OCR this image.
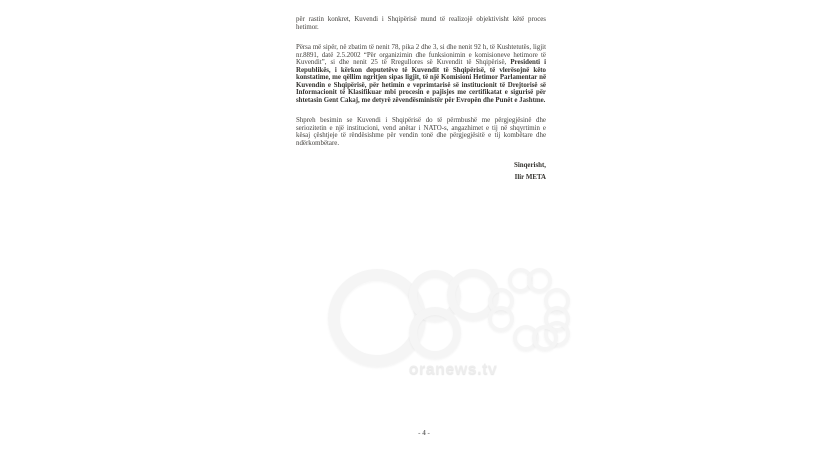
oranews.tv

për rastin konkret, Kuvendi i Shqipërisë mund të realizojë objektivisht këtë proces hetimor.

Përsa më sipër, në zbatim të nenit 78, pika 2 dhe 3, si dhe nenit 92 h, të Kushtetutës, ligjit nr.8891, datë 2.5.2002 “Për organizimin dhe funksionimin e komisioneve hetimore të Kuvendit”, si dhe nenit 25 të Rregullores së Kuvendit të Shqipërisë, Presidenti i Republikës, i kërkon deputetëve të Kuvendit të Shqipërisë, të vlerësojnë këto konstatime, me qëllim ngritjen sipas ligjit, të një Komisioni Hetimor Parlamentar në Kuvendin e Shqipërisë, për hetimin e veprimtarisë së institucionit të Drejtorisë së Informacionit të Klasifikuar mbi procesin e pajisjes me certifikatat e sigurisë për shtetasin Gent Cakaj, me detyrë zëvendësministër për Evropën dhe Punët e Jashtme.

Shpreh besimin se Kuvendi i Shqipërisë do të përmbushë me përgjegjësinë dhe seriozitetin e një institucioni, vend anëtar i NATO-s, angazhimet e tij në shqyrtimin e kësaj çështjeje të rëndësishme për vendin tonë dhe përgjegjësitë e tij kombëtare dhe ndërkombëtare.

Sinqerisht,
Ilir META
- 4 -
